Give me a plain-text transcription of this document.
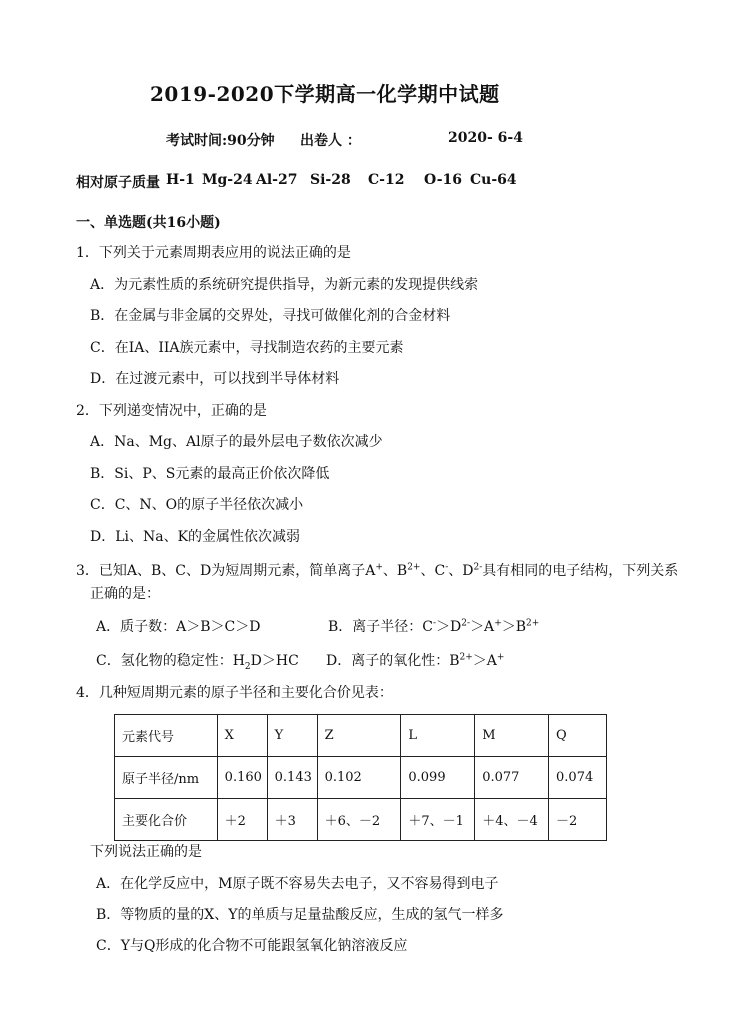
2019-2020下学期高一化学期中试题
考试时间:90分钟 出卷人 ：	2020- 6-4
相对原子质量 H-1 Mg-24 Al-27 Si-28 C-12 O-16 Cu-64
一、单选题(共16小题)
1．下列关于元素周期表应用的说法正确的是
A．为元素性质的系统研究提供指导，为新元素的发现提供线索
B．在金属与非金属的交界处，寻找可做催化剂的合金材料
C．在IA、IIA族元素中，寻找制造农药的主要元素
D．在过渡元素中，可以找到半导体材料
2．下列递变情况中，正确的是
A．Na、Mg、Al原子的最外层电子数依次减少
B．Si、P、S元素的最高正价依次降低
C．C、N、O的原子半径依次减小
D．Li、Na、K的金属性依次减弱
3．已知A、B、C、D为短周期元素，简单离子A+、$B^{2+}$、C-、$D^{2-}$具有相同的电子结构，下列关系
正确的是：
A．质子数：A＞B＞C＞D	B．离子半径：$C^->D^{2-}>A^+>B^{2+}$
C．氢化物的稳定性：$H_2D>HC$ D．离子的氧化性：$B^{2+}>A^+$
4．几种短周期元素的原子半径和主要化合价见表：
元素代号	X	Y	Z	L	M	Q
原子半径/nm	0.160	0.143	0.102	0.099	0.077	0.074
主要化合价	＋2	＋3	＋6、－2	＋7、－1	＋4、－4	－2
下列说法正确的是
A．在化学反应中，M原子既不容易失去电子，又不容易得到电子
B．等物质的量的X、Y的单质与足量盐酸反应，生成的氢气一样多
C．Y与Q形成的化合物不可能跟氢氧化钠溶液反应
